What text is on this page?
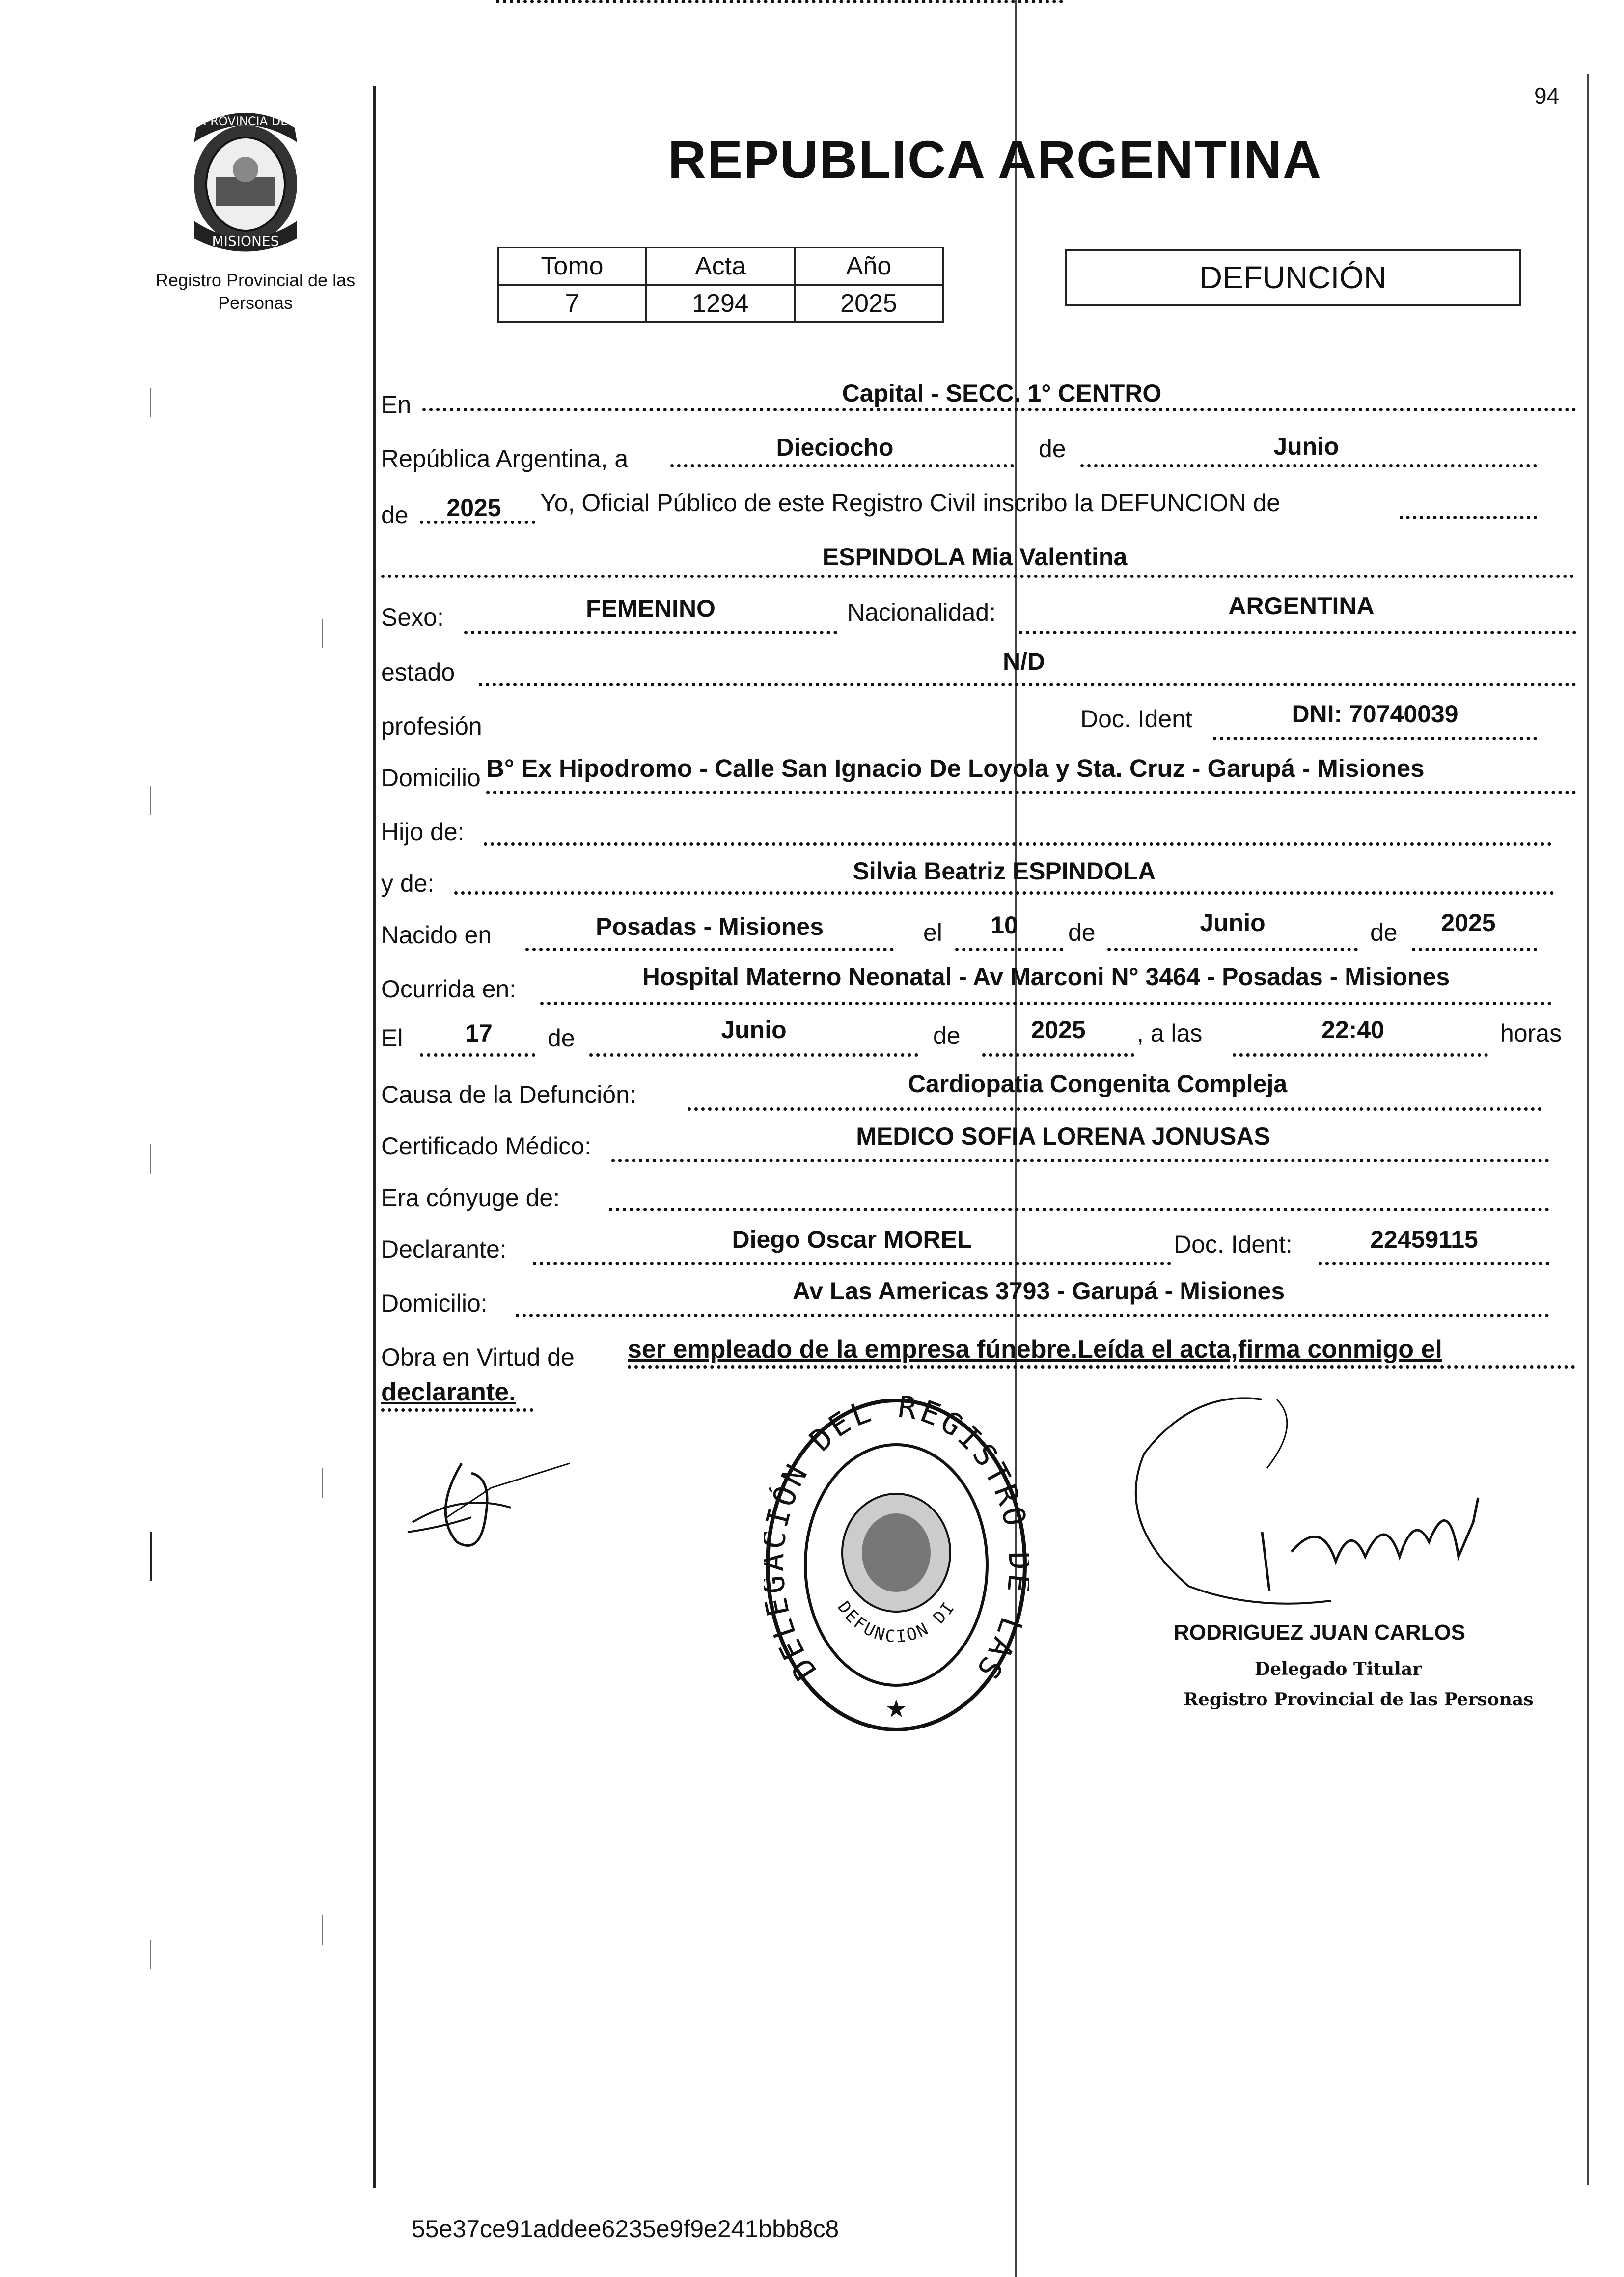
PROVINCIA DE
MISIONES
Registro Provincial de las Personas
94
REPUBLICA ARGENTINA
Tomo	Acta	Año
7	1294	2025
DEFUNCIÓN
En	Capital - SECC. 1° CENTRO
República Argentina, a	Dieciocho	de	Junio
de 2025 Yo, Oficial Público de este Registro Civil inscribo la DEFUNCION de
ESPINDOLA Mia Valentina
Sexo:	FEMENINO	Nacionalidad:	ARGENTINA
estado	N/D
profesión	Doc. Ident	DNI: 70740039
Domicilio B° Ex Hipodromo - Calle San Ignacio De Loyola y Sta. Cruz - Garupá - Misiones
Hijo de:
y de:	Silvia Beatriz ESPINDOLA
Nacido en	Posadas - Misiones	el 10 de	Junio	de 2025
Ocurrida en:	Hospital Materno Neonatal - Av Marconi N° 3464 - Posadas - Misiones
El	17 de	Junio	de	2025 , a las	22:40	horas
Causa de la Defunción:	Cardiopatia Congenita Compleja
Certificado Médico:	MEDICO SOFIA LORENA JONUSAS
Era cónyuge de:
Declarante:	Diego Oscar MOREL	Doc. Ident:	22459115
Domicilio:	Av Las Americas 3793 - Garupá - Misiones
Obra en Virtud de ser empleado de la empresa fúnebre.Leída el acta,firma conmigo el
declarante.
DEL ÓN DEL REGISTR LAS
DEFUNCION DI
★
RODRIGUEZ JUAN CARLOS
Delegado Titular
Registro Provincial de las Personas
55e37ce91addee6235e9f9e241bbb8c8
